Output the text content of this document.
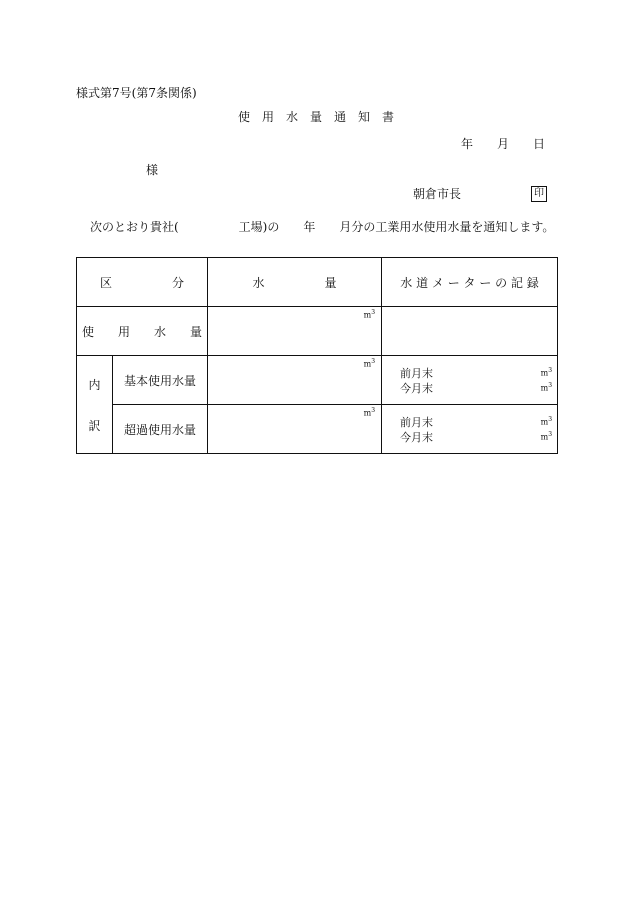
様式第7号(第7条関係)
使　用　水　量　通　知　書
年　　月　　日
様
朝倉市長	印
次のとおり貴社(　　　　　工場)の　　年　　月分の工業用水使用水量を通知します。
区　　　　　分		水　　　　　量	水 道 メ ー タ ー の 記 録

使　　用　　水　　量		$m^3$

内
訳	基本使用水量	$m^3$	前月末 $m^3$
今月末 $m^3$

	超過使用水量	$m^3$	前月末 $m^3$
今月末 $m^3$
